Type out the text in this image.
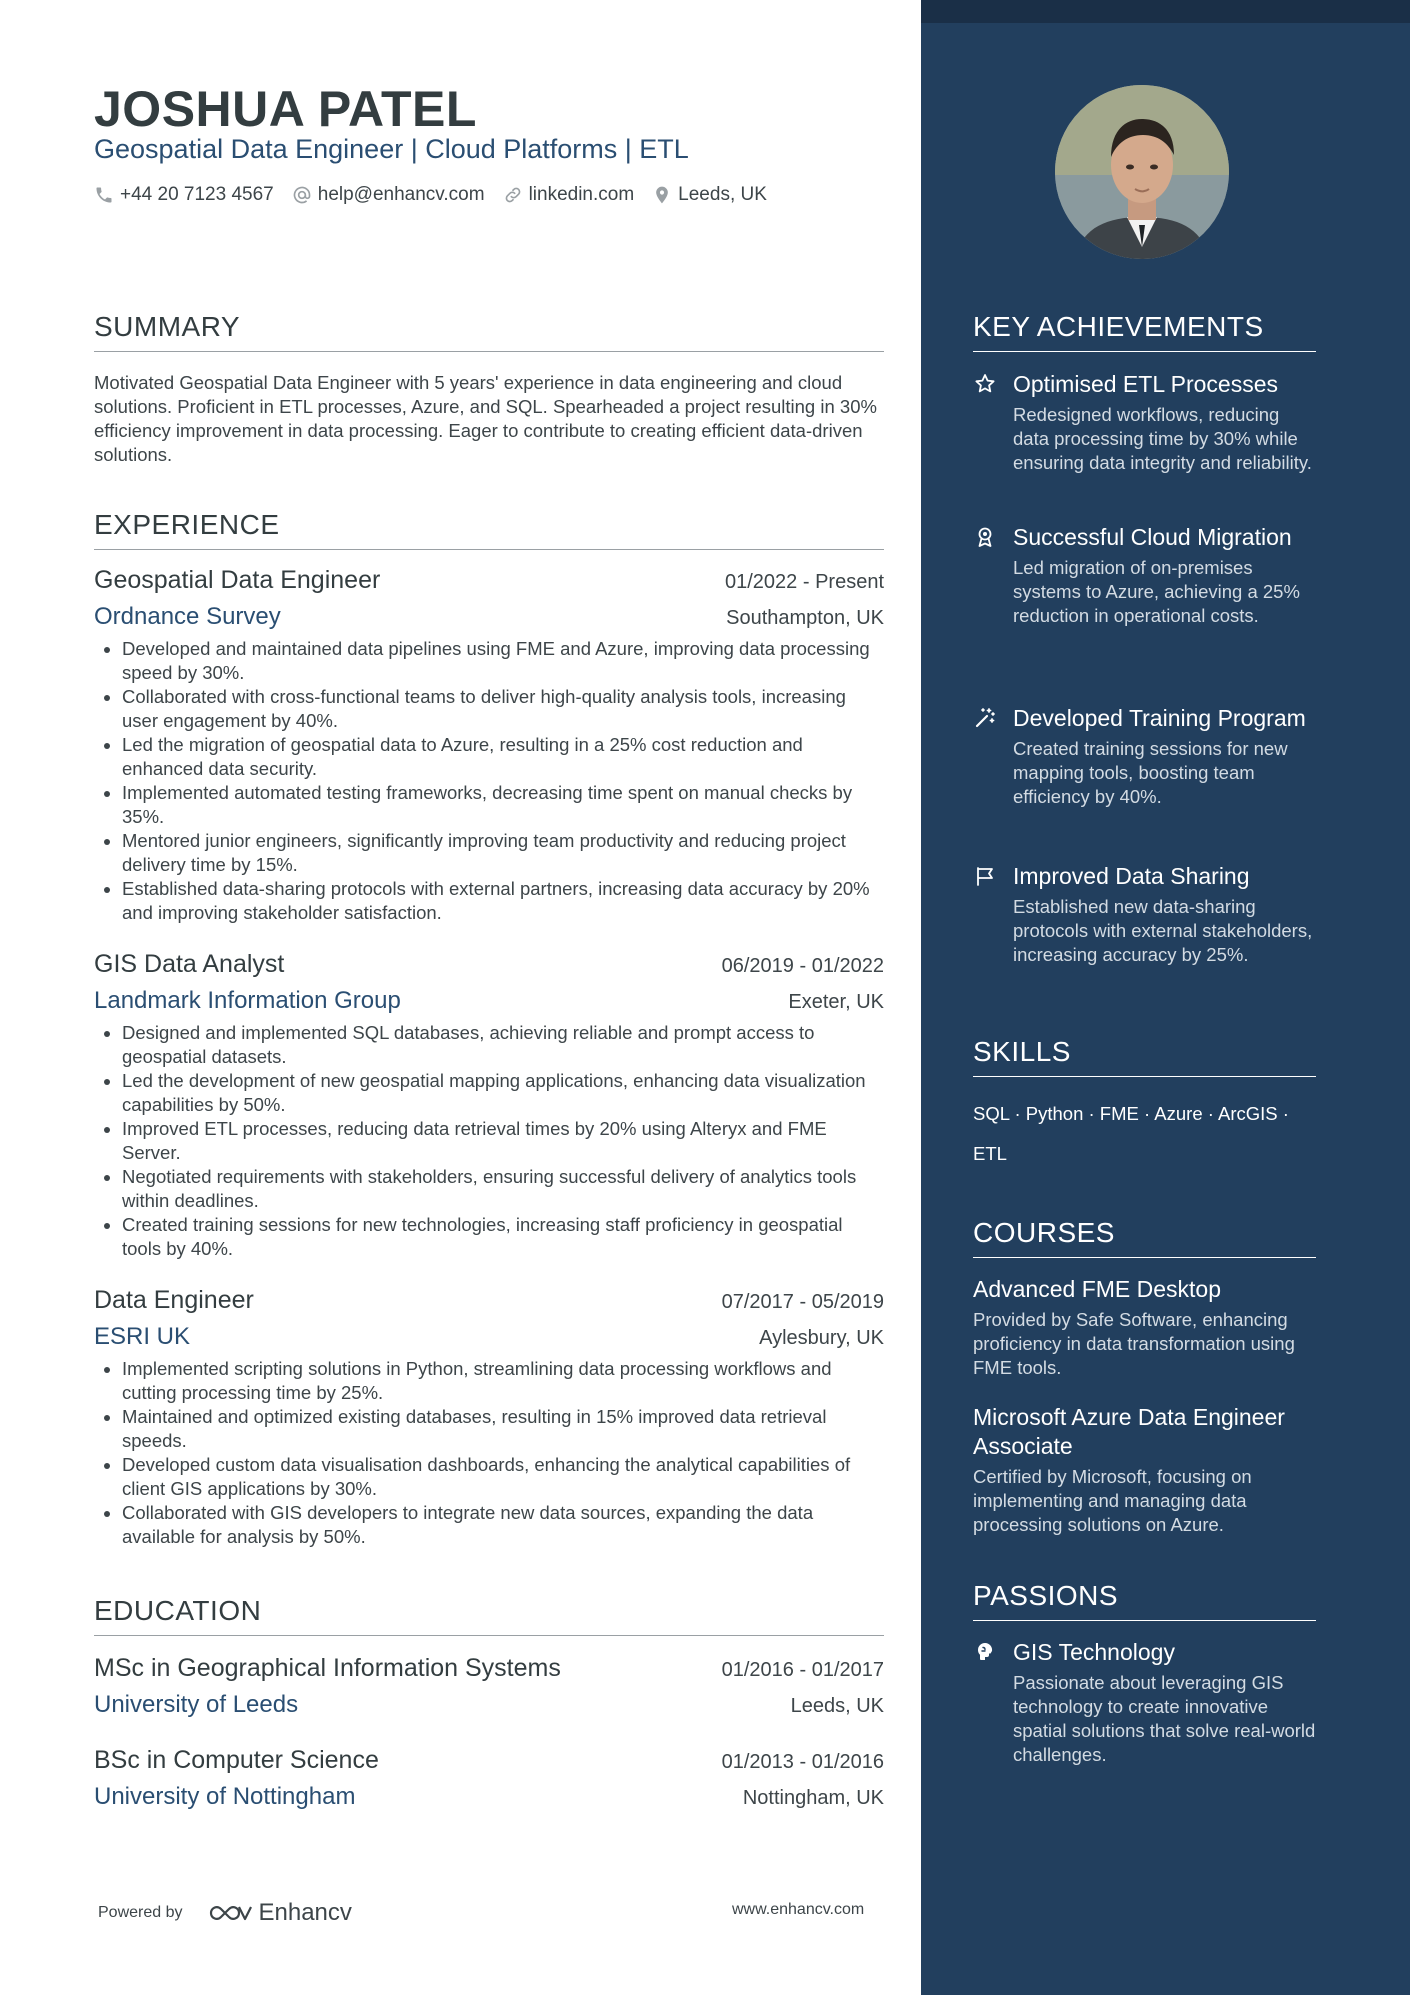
JOSHUA PATEL
Geospatial Data Engineer | Cloud Platforms | ETL
+44 20 7123 4567 help@enhancv.com linkedin.com Leeds, UK
SUMMARY
Motivated Geospatial Data Engineer with 5 years' experience in data engineering and cloud solutions. Proficient in ETL processes, Azure, and SQL. Spearheaded a project resulting in 30% efficiency improvement in data processing. Eager to contribute to creating efficient data-driven solutions.
EXPERIENCE
Geospatial Data Engineer	01/2022 - Present
Ordnance Survey	Southampton, UK
• Developed and maintained data pipelines using FME and Azure, improving data processing speed by 30%.
• Collaborated with cross-functional teams to deliver high-quality analysis tools, increasing user engagement by 40%.
• Led the migration of geospatial data to Azure, resulting in a 25% cost reduction and enhanced data security.
• Implemented automated testing frameworks, decreasing time spent on manual checks by 35%.
• Mentored junior engineers, significantly improving team productivity and reducing project delivery time by 15%.
• Established data-sharing protocols with external partners, increasing data accuracy by 20% and improving stakeholder satisfaction.
GIS Data Analyst	06/2019 - 01/2022
Landmark Information Group	Exeter, UK
• Designed and implemented SQL databases, achieving reliable and prompt access to geospatial datasets.
• Led the development of new geospatial mapping applications, enhancing data visualization capabilities by 50%.
• Improved ETL processes, reducing data retrieval times by 20% using Alteryx and FME Server.
• Negotiated requirements with stakeholders, ensuring successful delivery of analytics tools within deadlines.
• Created training sessions for new technologies, increasing staff proficiency in geospatial tools by 40%.
Data Engineer	07/2017 - 05/2019
ESRI UK	Aylesbury, UK
• Implemented scripting solutions in Python, streamlining data processing workflows and cutting processing time by 25%.
• Maintained and optimized existing databases, resulting in 15% improved data retrieval speeds.
• Developed custom data visualisation dashboards, enhancing the analytical capabilities of client GIS applications by 30%.
• Collaborated with GIS developers to integrate new data sources, expanding the data available for analysis by 50%.
EDUCATION
MSc in Geographical Information Systems	01/2016 - 01/2017
University of Leeds	Leeds, UK
BSc in Computer Science	01/2013 - 01/2016
University of Nottingham	Nottingham, UK
Powered by	Enhancv	www.enhancv.com
KEY ACHIEVEMENTS
Optimised ETL Processes
Redesigned workflows, reducing data processing time by 30% while ensuring data integrity and reliability.
Successful Cloud Migration
Led migration of on-premises systems to Azure, achieving a 25% reduction in operational costs.
Developed Training Program
Created training sessions for new mapping tools, boosting team efficiency by 40%.
Improved Data Sharing
Established new data-sharing protocols with external stakeholders, increasing accuracy by 25%.
SKILLS
SQL · Python · FME · Azure · ArcGIS ·
ETL
COURSES
Advanced FME Desktop
Provided by Safe Software, enhancing proficiency in data transformation using FME tools.
Microsoft Azure Data Engineer Associate
Certified by Microsoft, focusing on implementing and managing data processing solutions on Azure.
PASSIONS
GIS Technology
Passionate about leveraging GIS technology to create innovative spatial solutions that solve real-world challenges.
